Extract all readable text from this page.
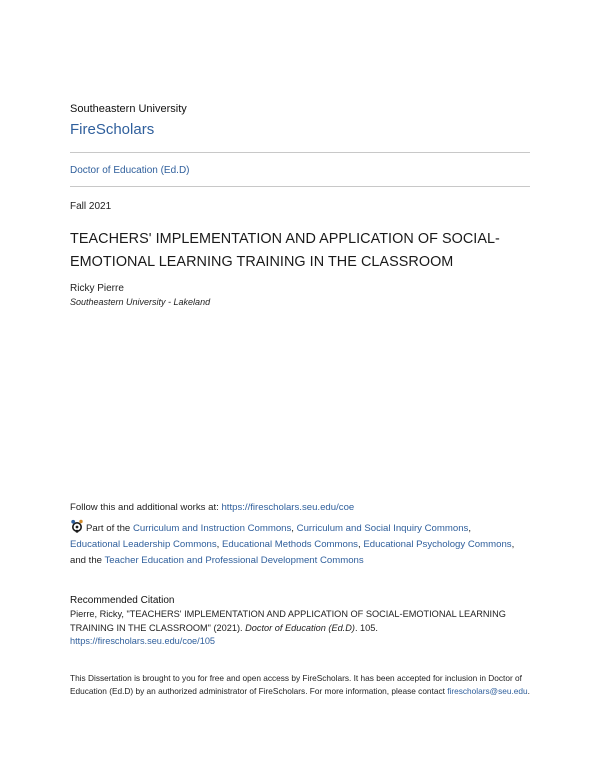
Southeastern University
FireScholars
Doctor of Education (Ed.D)
Fall 2021
TEACHERS' IMPLEMENTATION AND APPLICATION OF SOCIAL-
EMOTIONAL LEARNING TRAINING IN THE CLASSROOM
Ricky Pierre
Southeastern University - Lakeland
Follow this and additional works at: https://firescholars.seu.edu/coe
Part of the Curriculum and Instruction Commons, Curriculum and Social Inquiry Commons,
Educational Leadership Commons, Educational Methods Commons, Educational Psychology Commons,
and the Teacher Education and Professional Development Commons
Recommended Citation
Pierre, Ricky, "TEACHERS' IMPLEMENTATION AND APPLICATION OF SOCIAL-EMOTIONAL LEARNING TRAINING IN THE CLASSROOM" (2021). Doctor of Education (Ed.D). 105.
https://firescholars.seu.edu/coe/105
This Dissertation is brought to you for free and open access by FireScholars. It has been accepted for inclusion in Doctor of Education (Ed.D) by an authorized administrator of FireScholars. For more information, please contact firescholars@seu.edu.
